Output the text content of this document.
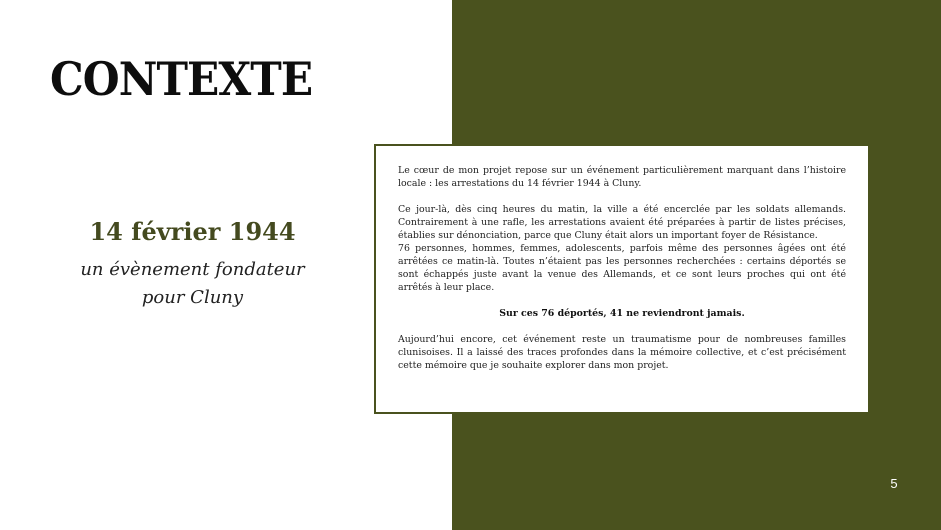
CONTEXTE
14 février 1944
un évènement fondateur
pour Cluny

Le cœur de mon projet repose sur un événement particulièrement marquant dans l’histoire locale : les arrestations du 14 février 1944 à Cluny.

Ce jour-là, dès cinq heures du matin, la ville a été encerclée par les soldats allemands. Contrairement à une rafle, les arrestations avaient été préparées à partir de listes précises, établies sur dénonciation, parce que Cluny était alors un important foyer de Résistance.

76 personnes, hommes, femmes, adolescents, parfois même des personnes âgées ont été arrêtées ce matin-là. Toutes n’étaient pas les personnes recherchées : certains déportés se sont échappés juste avant la venue des Allemands, et ce sont leurs proches qui ont été arrêtés à leur place.

Sur ces 76 déportés, 41 ne reviendront jamais.

Aujourd’hui encore, cet événement reste un traumatisme pour de nombreuses familles clunisoises. Il a laissé des traces profondes dans la mémoire collective, et c’est précisément cette mémoire que je souhaite explorer dans mon projet.

5
